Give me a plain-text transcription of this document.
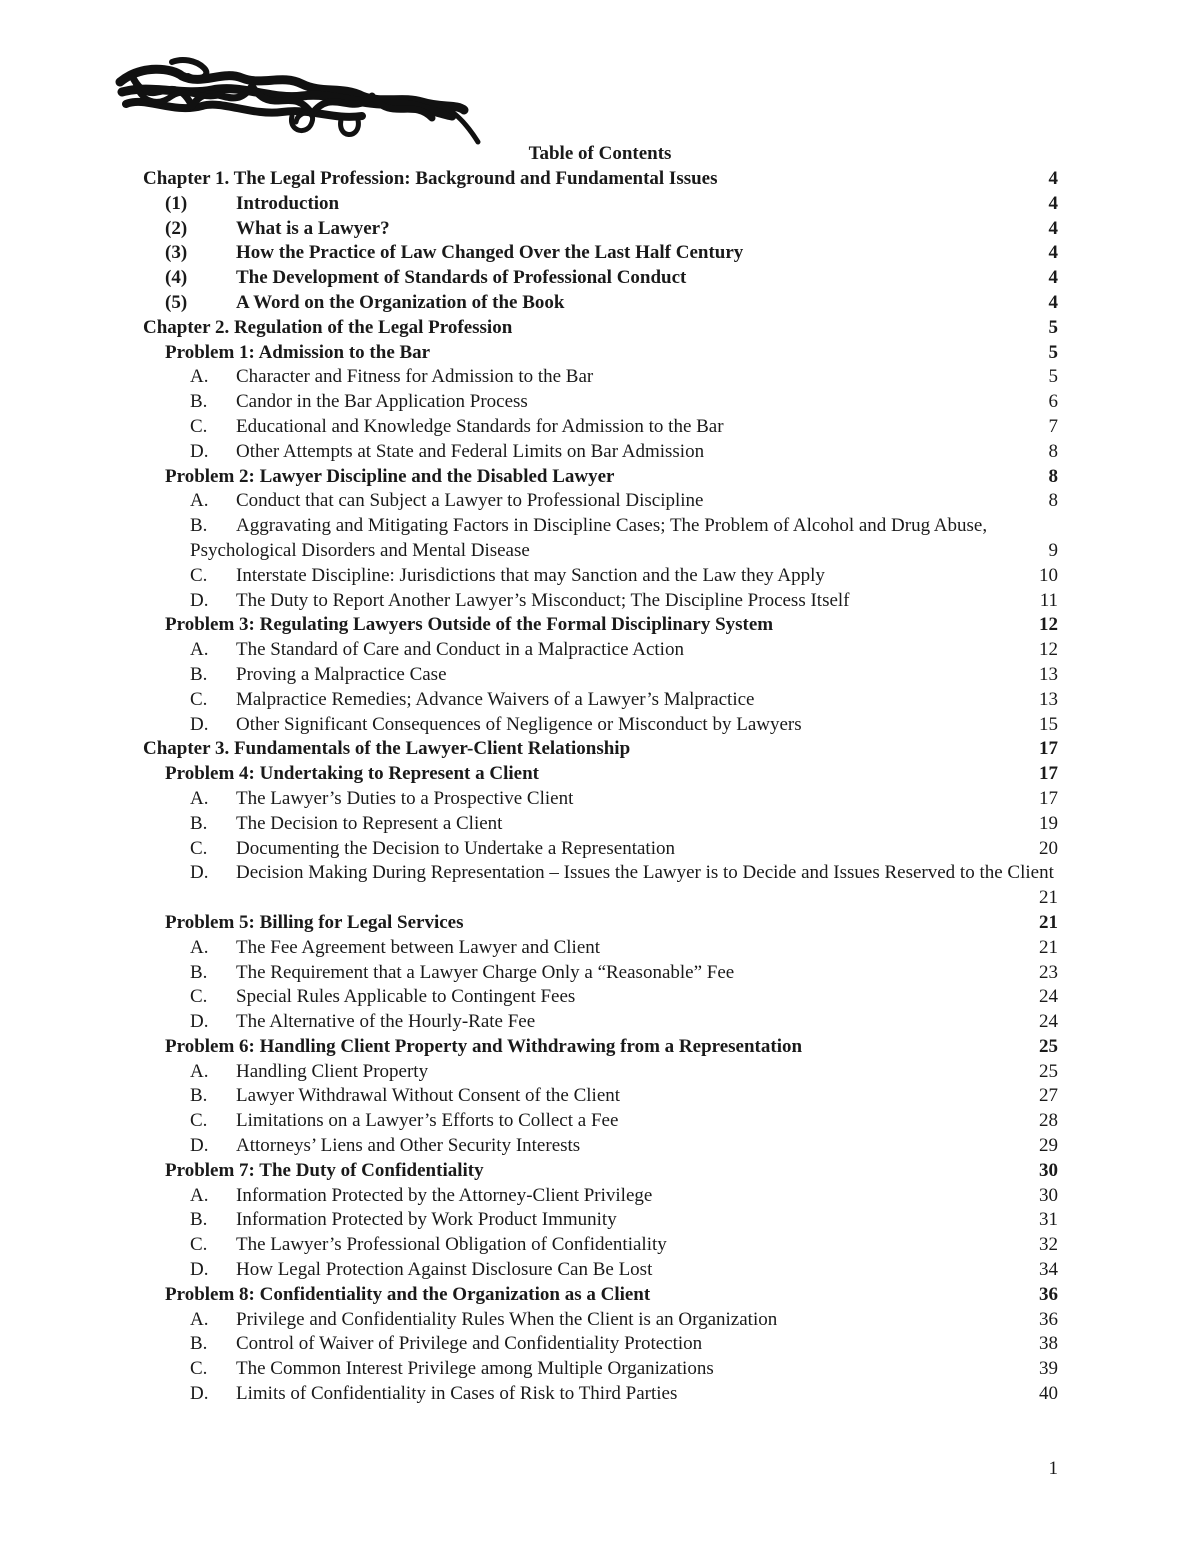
Table of Contents
Chapter 1. The Legal Profession: Background and Fundamental Issues	4
(1)	Introduction	4
(2)	What is a Lawyer?	4
(3)	How the Practice of Law Changed Over the Last Half Century	4
(4)	The Development of Standards of Professional Conduct	4
(5)	A Word on the Organization of the Book	4
Chapter 2. Regulation of the Legal Profession	5
Problem 1: Admission to the Bar	5
A. Character and Fitness for Admission to the Bar	5
B. Candor in the Bar Application Process	6
C. Educational and Knowledge Standards for Admission to the Bar	7
D. Other Attempts at State and Federal Limits on Bar Admission	8
Problem 2: Lawyer Discipline and the Disabled Lawyer	8
A. Conduct that can Subject a Lawyer to Professional Discipline	8
B.	Aggravating and Mitigating Factors in Discipline Cases; The Problem of Alcohol and Drug Abuse, Psychological Disorders and Mental Disease	9
C. Interstate Discipline: Jurisdictions that may Sanction and the Law they Apply	10
D. The Duty to Report Another Lawyer’s Misconduct; The Discipline Process Itself	11
Problem 3: Regulating Lawyers Outside of the Formal Disciplinary System	12
A. The Standard of Care and Conduct in a Malpractice Action	12
B. Proving a Malpractice Case	13
C. Malpractice Remedies; Advance Waivers of a Lawyer’s Malpractice	13
D. Other Significant Consequences of Negligence or Misconduct by Lawyers	15
Chapter 3. Fundamentals of the Lawyer-Client Relationship	17
Problem 4: Undertaking to Represent a Client	17
A. The Lawyer’s Duties to a Prospective Client	17
B. The Decision to Represent a Client	19
C. Documenting the Decision to Undertake a Representation	20
D.	Decision Making During Representation – Issues the Lawyer is to Decide and Issues Reserved to the Client
21
Problem 5: Billing for Legal Services	21
A. The Fee Agreement between Lawyer and Client	21
B. The Requirement that a Lawyer Charge Only a “Reasonable” Fee	23
C. Special Rules Applicable to Contingent Fees	24
D. The Alternative of the Hourly-Rate Fee	24
Problem 6: Handling Client Property and Withdrawing from a Representation	25
A. Handling Client Property	25
B. Lawyer Withdrawal Without Consent of the Client	27
C. Limitations on a Lawyer’s Efforts to Collect a Fee	28
D. Attorneys’ Liens and Other Security Interests	29
Problem 7: The Duty of Confidentiality	30
A. Information Protected by the Attorney-Client Privilege	30
B. Information Protected by Work Product Immunity	31
C. The Lawyer’s Professional Obligation of Confidentiality	32
D. How Legal Protection Against Disclosure Can Be Lost	34
Problem 8: Confidentiality and the Organization as a Client	36
A. Privilege and Confidentiality Rules When the Client is an Organization	36
B. Control of Waiver of Privilege and Confidentiality Protection	38
C. The Common Interest Privilege among Multiple Organizations	39
D. Limits of Confidentiality in Cases of Risk to Third Parties	40
1
